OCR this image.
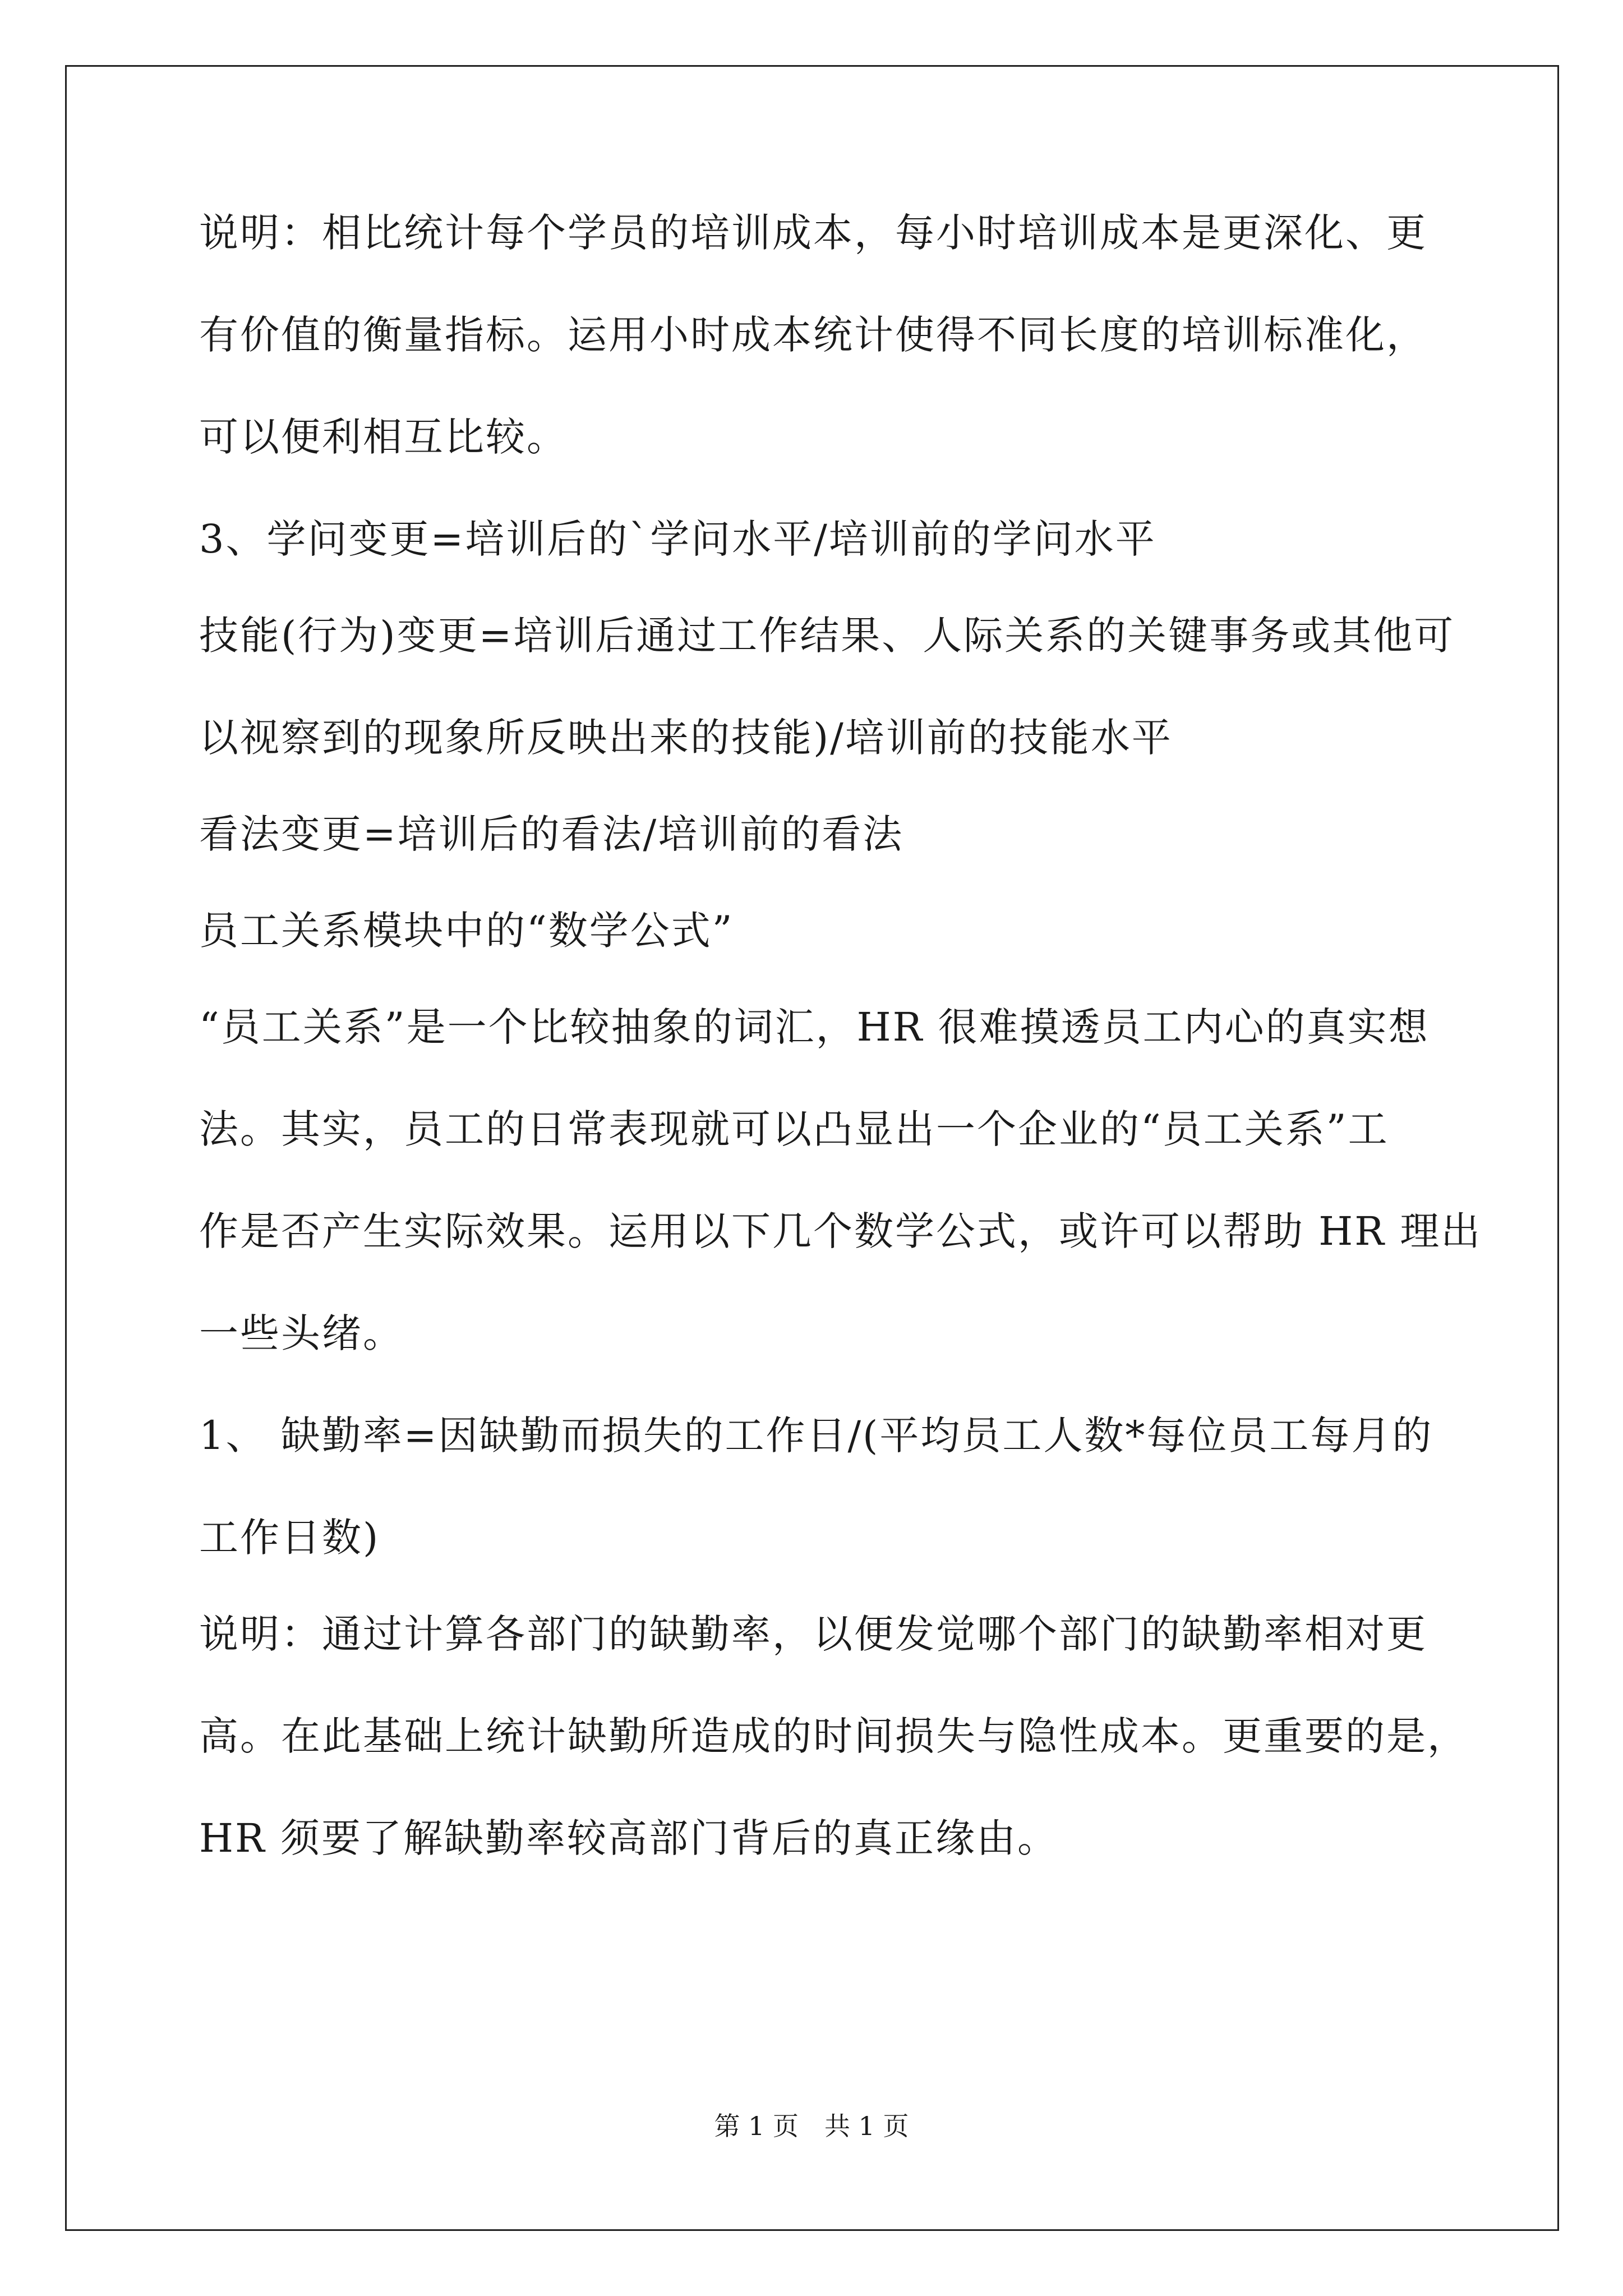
说明：相比统计每个学员的培训成本，每小时培训成本是更深化、更
有价值的衡量指标。运用小时成本统计使得不同长度的培训标准化，
可以便利相互比较。
3、学问变更=培训后的`学问水平/培训前的学问水平
技能(行为)变更=培训后通过工作结果、人际关系的关键事务或其他可
以视察到的现象所反映出来的技能)/培训前的技能水平
看法变更=培训后的看法/培训前的看法
员工关系模块中的“数学公式”
“员工关系”是一个比较抽象的词汇，HR 很难摸透员工内心的真实想
法。其实，员工的日常表现就可以凸显出一个企业的“员工关系”工
作是否产生实际效果。运用以下几个数学公式，或许可以帮助 HR 理出
一些头绪。
1、 缺勤率=因缺勤而损失的工作日/(平均员工人数*每位员工每月的
工作日数)
说明：通过计算各部门的缺勤率，以便发觉哪个部门的缺勤率相对更
高。在此基础上统计缺勤所造成的时间损失与隐性成本。更重要的是，
HR 须要了解缺勤率较高部门背后的真正缘由。
第 1 页　共 1 页
